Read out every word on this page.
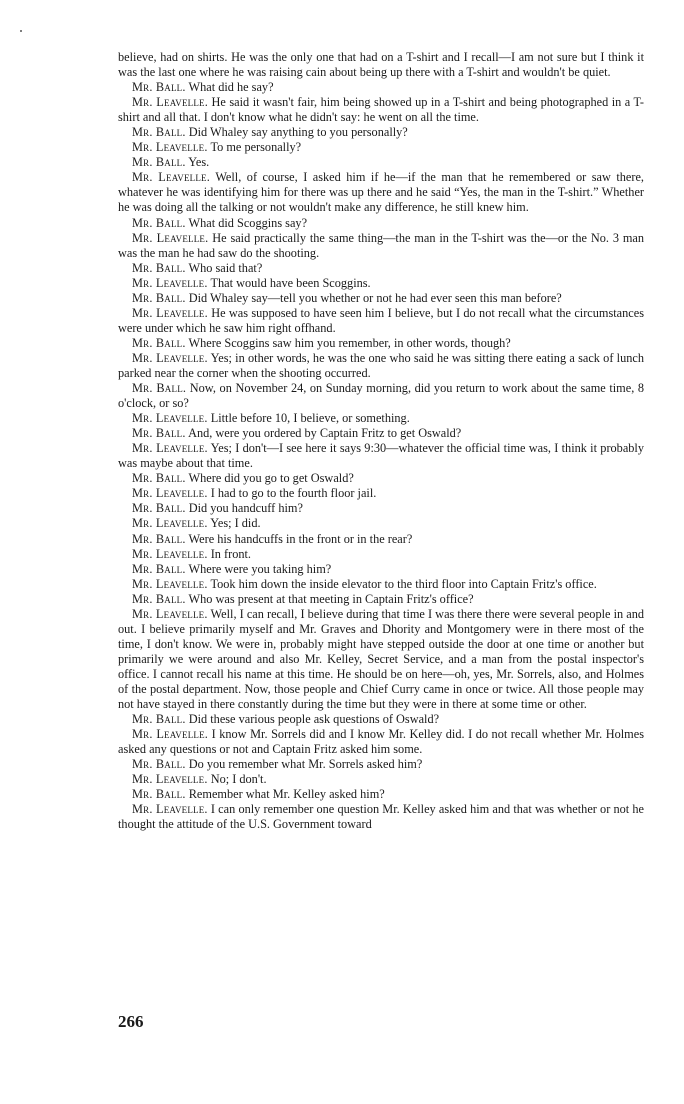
believe, had on shirts. He was the only one that had on a T-shirt and I recall—I am not sure but I think it was the last one where he was raising cain about being up there with a T-shirt and wouldn't be quiet.

Mr. Ball. What did he say?

Mr. Leavelle. He said it wasn't fair, him being showed up in a T-shirt and being photographed in a T-shirt and all that. I don't know what he didn't say: he went on all the time.

Mr. Ball. Did Whaley say anything to you personally?

Mr. Leavelle. To me personally?

Mr. Ball. Yes.

Mr. Leavelle. Well, of course, I asked him if he—if the man that he remembered or saw there, whatever he was identifying him for there was up there and he said “Yes, the man in the T-shirt.” Whether he was doing all the talking or not wouldn't make any difference, he still knew him.

Mr. Ball. What did Scoggins say?

Mr. Leavelle. He said practically the same thing—the man in the T-shirt was the—or the No. 3 man was the man he had saw do the shooting.

Mr. Ball. Who said that?

Mr. Leavelle. That would have been Scoggins.

Mr. Ball. Did Whaley say—tell you whether or not he had ever seen this man before?

Mr. Leavelle. He was supposed to have seen him I believe, but I do not recall what the circumstances were under which he saw him right offhand.

Mr. Ball. Where Scoggins saw him you remember, in other words, though?

Mr. Leavelle. Yes; in other words, he was the one who said he was sitting there eating a sack of lunch parked near the corner when the shooting occurred.

Mr. Ball. Now, on November 24, on Sunday morning, did you return to work about the same time, 8 o'clock, or so?

Mr. Leavelle. Little before 10, I believe, or something.

Mr. Ball. And, were you ordered by Captain Fritz to get Oswald?

Mr. Leavelle. Yes; I don't—I see here it says 9:30—whatever the official time was, I think it probably was maybe about that time.

Mr. Ball. Where did you go to get Oswald?

Mr. Leavelle. I had to go to the fourth floor jail.

Mr. Ball. Did you handcuff him?

Mr. Leavelle. Yes; I did.

Mr. Ball. Were his handcuffs in the front or in the rear?

Mr. Leavelle. In front.

Mr. Ball. Where were you taking him?

Mr. Leavelle. Took him down the inside elevator to the third floor into Captain Fritz's office.

Mr. Ball. Who was present at that meeting in Captain Fritz's office?

Mr. Leavelle. Well, I can recall, I believe during that time I was there there were several people in and out. I believe primarily myself and Mr. Graves and Dhority and Montgomery were in there most of the time, I don't know. We were in, probably might have stepped outside the door at one time or another but primarily we were around and also Mr. Kelley, Secret Service, and a man from the postal inspector's office. I cannot recall his name at this time. He should be on here—oh, yes, Mr. Sorrels, also, and Holmes of the postal department. Now, those people and Chief Curry came in once or twice. All those people may not have stayed in there constantly during the time but they were in there at some time or other.

Mr. Ball. Did these various people ask questions of Oswald?

Mr. Leavelle. I know Mr. Sorrels did and I know Mr. Kelley did. I do not recall whether Mr. Holmes asked any questions or not and Captain Fritz asked him some.

Mr. Ball. Do you remember what Mr. Sorrels asked him?

Mr. Leavelle. No; I don't.

Mr. Ball. Remember what Mr. Kelley asked him?

Mr. Leavelle. I can only remember one question Mr. Kelley asked him and that was whether or not he thought the attitude of the U.S. Government toward

266
